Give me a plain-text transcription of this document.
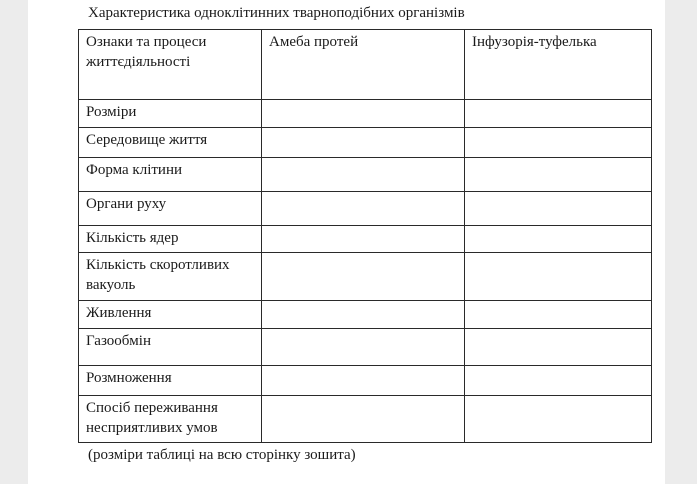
Характеристика одноклітинних тварноподібних організмів
Ознаки та процеси життєдіяльності	Амеба протей	Інфузорія-туфелька
Розміри		
Середовище життя		
Форма клітини		
Органи руху		
Кількість ядер		
Кількість скоротливих вакуоль		
Живлення		
Газообмін		
Розмноження		
Спосіб переживання несприятливих умов		
(розміри таблиці на всю сторінку зошита)
